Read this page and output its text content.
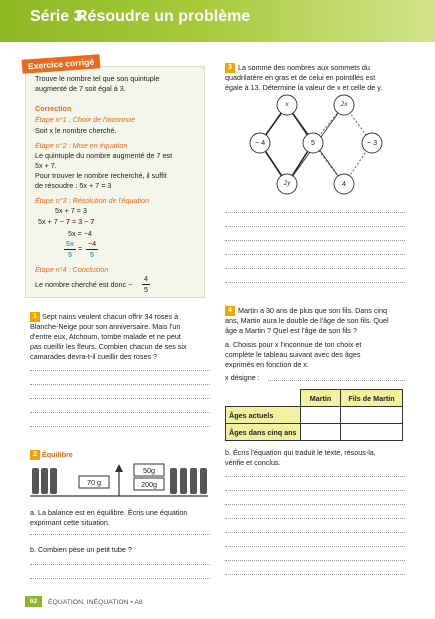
Série 3
Résoudre un problème
Exercice corrigé
Trouve le nombre tel que son quintuple
augmenté de 7 soit égal à 3.
Correction
Étape n°1 : Choix de l'inconnue
Soit x le nombre cherché.
Étape n°2 : Mise en équation
Le quintuple du nombre augmenté de 7 est
5x + 7.
Pour trouver le nombre recherché, il suffit
de résoudre : 5x + 7 = 3
Étape n°3 : Résolution de l'équation
5x + 7 = 3
5x + 7 − 7 = 3 − 7
5x = −4
5x
5
=
−4
5
Étape n°4 : Conclusion
Le nombre cherché est donc −
4
5
1 Sept nains veulent chacun offrir 34 roses à
Blanche-Neige pour son anniversaire. Mais l'un
d'entre eux, Atchoum, tombe malade et ne peut
pas cueillir les fleurs. Combien chacun de ses six
camarades devra-t-il cueillir des roses ?
2 Équilibre
70 g
50g
200g
a. La balance est en équilibre. Écris une équation
exprimant cette situation.
b. Combien pèse un petit tube ?
3 La somme des nombres aux sommets du
quadrilatère en gras et de celui en pointillés est
égale à 13. Détermine la valeur de x et celle de y.
x	2x
− 4	5	− 3
2y	4
4 Martin a 30 ans de plus que son fils. Dans cinq
ans, Martin aura le double de l'âge de son fils. Quel
âge a Martin ? Quel est l'âge de son fils ?
a. Choisis pour x l'inconnue de ton choix et
complète le tableau suivant avec des âges
exprimés en fonction de x.
x désigne :
	Martin	Fils de Martin
Âges actuels		
Âges dans cinq ans		
b. Écris l'équation qui traduit le texte, résous-la,
vérifie et conclus.
62	ÉQUATION, INÉQUATION • A8
